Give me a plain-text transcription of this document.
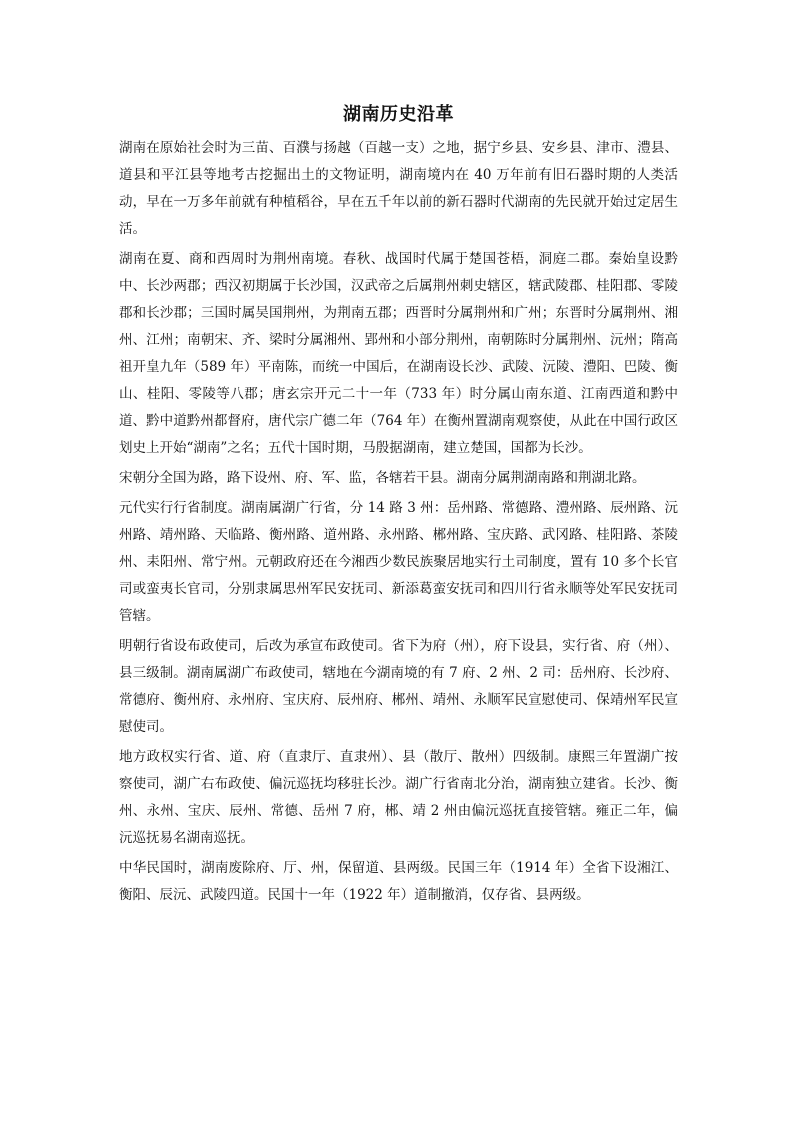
湖南历史沿革

湖南在原始社会时为三苗、百濮与扬越（百越一支）之地，据宁乡县、安乡县、津市、澧县、道县和平江县等地考古挖掘出土的文物证明，湖南境内在 40 万年前有旧石器时期的人类活动，早在一万多年前就有种植稻谷，早在五千年以前的新石器时代湖南的先民就开始过定居生活。

湖南在夏、商和西周时为荆州南境。春秋、战国时代属于楚国苍梧，洞庭二郡。秦始皇设黔中、长沙两郡；西汉初期属于长沙国，汉武帝之后属荆州刺史辖区，辖武陵郡、桂阳郡、零陵郡和长沙郡；三国时属吴国荆州，为荆南五郡；西晋时分属荆州和广州；东晋时分属荆州、湘州、江州；南朝宋、齐、梁时分属湘州、郢州和小部分荆州，南朝陈时分属荆州、沅州；隋高祖开皇九年（589 年）平南陈，而统一中国后，在湖南设长沙、武陵、沅陵、澧阳、巴陵、衡山、桂阳、零陵等八郡；唐玄宗开元二十一年（733 年）时分属山南东道、江南西道和黔中道、黔中道黔州都督府，唐代宗广德二年（764 年）在衡州置湖南观察使，从此在中国行政区划史上开始“湖南”之名；五代十国时期，马殷据湖南，建立楚国，国都为长沙。

宋朝分全国为路，路下设州、府、军、监，各辖若干县。湖南分属荆湖南路和荆湖北路。

元代实行行省制度。湖南属湖广行省，分 14 路 3 州：岳州路、常德路、澧州路、辰州路、沅州路、靖州路、天临路、衡州路、道州路、永州路、郴州路、宝庆路、武冈路、桂阳路、茶陵州、耒阳州、常宁州。元朝政府还在今湘西少数民族聚居地实行土司制度，置有 10 多个长官司或蛮夷长官司，分别隶属思州军民安抚司、新添葛蛮安抚司和四川行省永顺等处军民安抚司管辖。

明朝行省设布政使司，后改为承宣布政使司。省下为府（州），府下设县，实行省、府（州）、县三级制。湖南属湖广布政使司，辖地在今湖南境的有 7 府、2 州、2 司：岳州府、长沙府、常德府、衡州府、永州府、宝庆府、辰州府、郴州、靖州、永顺军民宣慰使司、保靖州军民宣慰使司。

地方政权实行省、道、府（直隶厅、直隶州）、县（散厅、散州）四级制。康熙三年置湖广按察使司，湖广右布政使、偏沅巡抚均移驻长沙。湖广行省南北分治，湖南独立建省。长沙、衡州、永州、宝庆、辰州、常德、岳州 7 府，郴、靖 2 州由偏沅巡抚直接管辖。雍正二年，偏沅巡抚易名湖南巡抚。

中华民国时，湖南废除府、厅、州，保留道、县两级。民国三年（1914 年）全省下设湘江、衡阳、辰沅、武陵四道。民国十一年（1922 年）道制撤消，仅存省、县两级。
